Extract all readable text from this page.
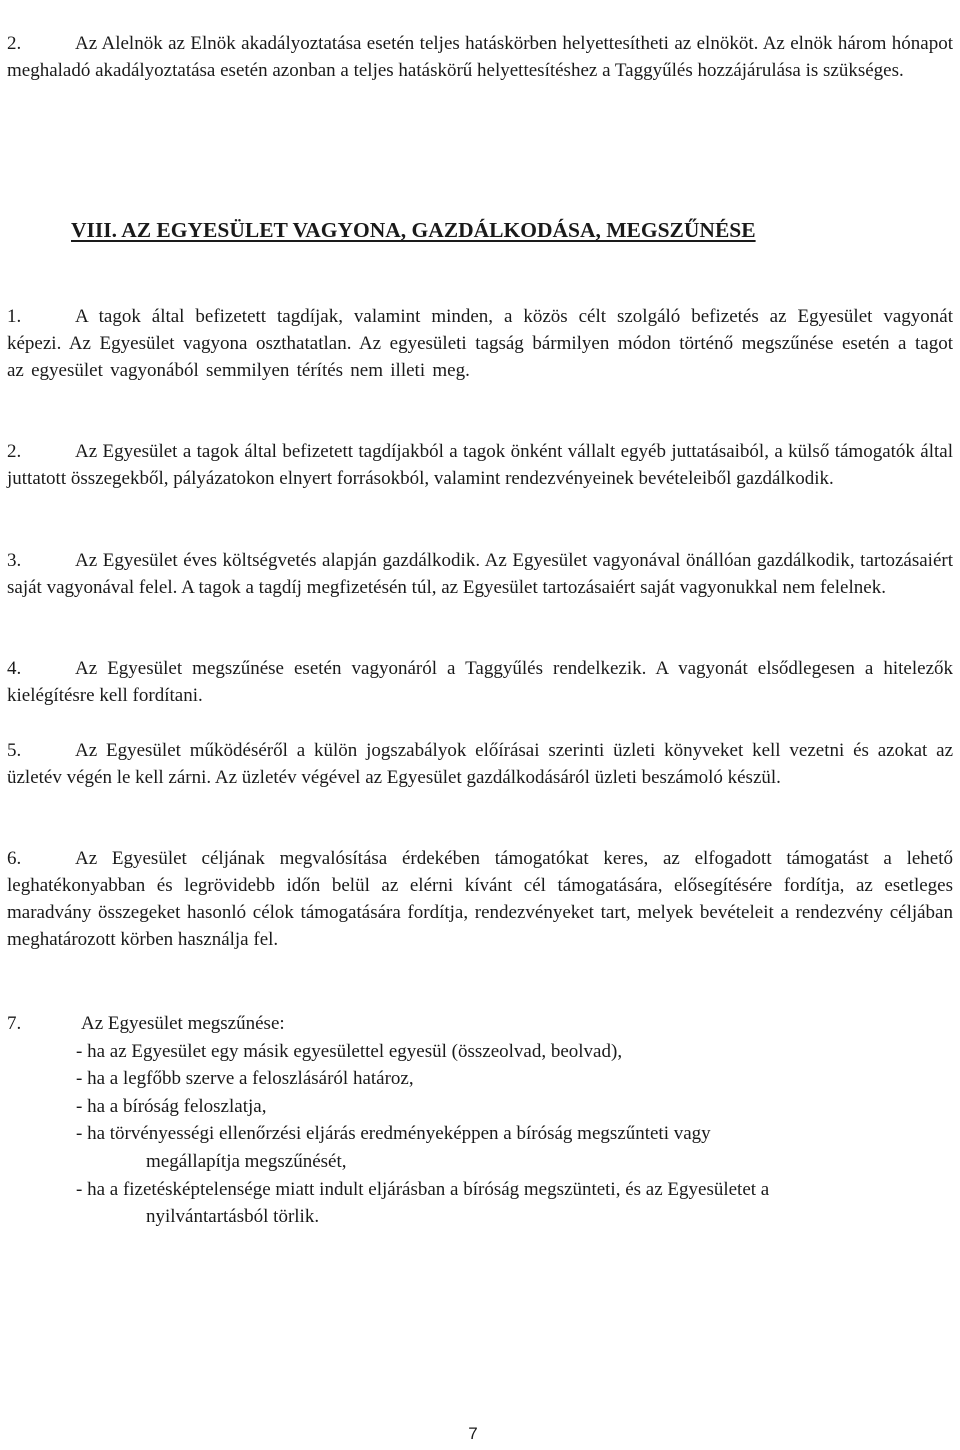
2.	Az Alelnök az Elnök akadályoztatása esetén teljes hatáskörben helyettesítheti az elnököt. Az elnök három hónapot meghaladó akadályoztatása esetén azonban a teljes hatáskörű helyettesítéshez a Taggyűlés hozzájárulása is szükséges.

VIII. AZ EGYESÜLET VAGYONA, GAZDÁLKODÁSA, MEGSZŰNÉSE

1.	A tagok által befizetett tagdíjak, valamint minden, a közös célt szolgáló befizetés az Egyesület vagyonát képezi. Az Egyesület vagyona oszthatatlan. Az egyesületi tagság bármilyen módon történő megszűnése esetén a tagot az egyesület vagyonából semmilyen térítés nem illeti meg.

2.	Az Egyesület a tagok által befizetett tagdíjakból a tagok önként vállalt egyéb juttatásaiból, a külső támogatók által juttatott összegekből, pályázatokon elnyert forrásokból, valamint rendezvényeinek bevételeiből gazdálkodik.

3.	Az Egyesület éves költségvetés alapján gazdálkodik. Az Egyesület vagyonával önállóan gazdálkodik, tartozásaiért saját vagyonával felel. A tagok a tagdíj megfizetésén túl, az Egyesület tartozásaiért saját vagyonukkal nem felelnek.

4.	Az Egyesület megszűnése esetén vagyonáról a Taggyűlés rendelkezik. A vagyonát elsődlegesen a hitelezők kielégítésre kell fordítani.

5.	Az Egyesület működéséről a külön jogszabályok előírásai szerinti üzleti könyveket kell vezetni és azokat az üzletév végén le kell zárni. Az üzletév végével az Egyesület gazdálkodásáról üzleti beszámoló készül.

6.	Az Egyesület céljának megvalósítása érdekében támogatókat keres, az elfogadott támogatást a lehető leghatékonyabban és legrövidebb időn belül az elérni kívánt cél támogatására, elősegítésére fordítja, az esetleges maradvány összegeket hasonló célok támogatására fordítja, rendezvényeket tart, melyek bevételeit a rendezvény céljában meghatározott körben használja fel.

7.	Az Egyesület megszűnése:
- ha az Egyesület egy másik egyesülettel egyesül (összeolvad, beolvad),
- ha a legfőbb szerve a feloszlásáról határoz,
- ha a bíróság feloszlatja,
- ha törvényességi ellenőrzési eljárás eredményeképpen a bíróság megszűnteti vagy
megállapítja megszűnését,
- ha a fizetésképtelensége miatt indult eljárásban a bíróság megszünteti, és az Egyesületet a
nyilvántartásból törlik.
7
